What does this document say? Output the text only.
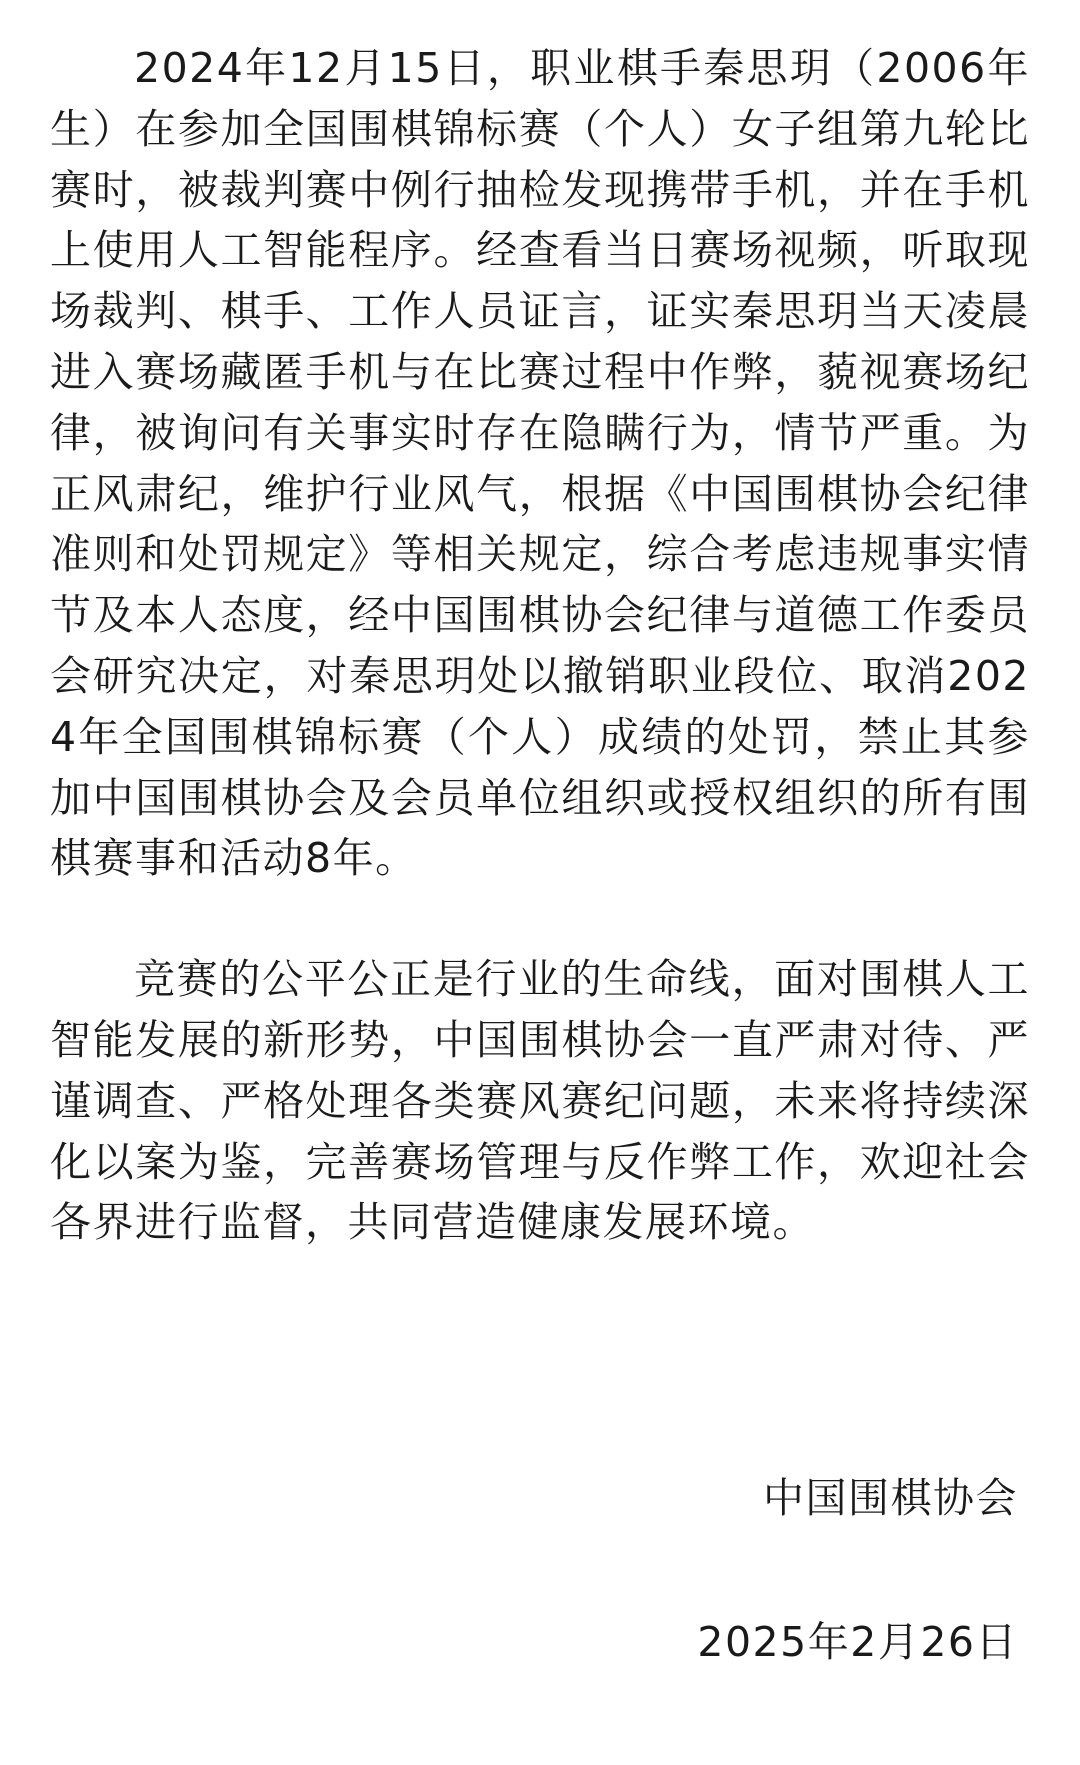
2024年12月15日，职业棋手秦思玥（2006年生）在参加全国围棋锦标赛（个人）女子组第九轮比赛时，被裁判赛中例行抽检发现携带手机，并在手机上使用人工智能程序。经查看当日赛场视频，听取现场裁判、棋手、工作人员证言，证实秦思玥当天凌晨进入赛场藏匿手机与在比赛过程中作弊，藐视赛场纪律，被询问有关事实时存在隐瞒行为，情节严重。为正风肃纪，维护行业风气，根据《中国围棋协会纪律准则和处罚规定》等相关规定，综合考虑违规事实情节及本人态度，经中国围棋协会纪律与道德工作委员会研究决定，对秦思玥处以撤销职业段位、取消2024年全国围棋锦标赛（个人）成绩的处罚，禁止其参加中国围棋协会及会员单位组织或授权组织的所有围棋赛事和活动8年。

竞赛的公平公正是行业的生命线，面对围棋人工智能发展的新形势，中国围棋协会一直严肃对待、严谨调查、严格处理各类赛风赛纪问题，未来将持续深化以案为鉴，完善赛场管理与反作弊工作，欢迎社会各界进行监督，共同营造健康发展环境。

中国围棋协会
2025年2月26日
